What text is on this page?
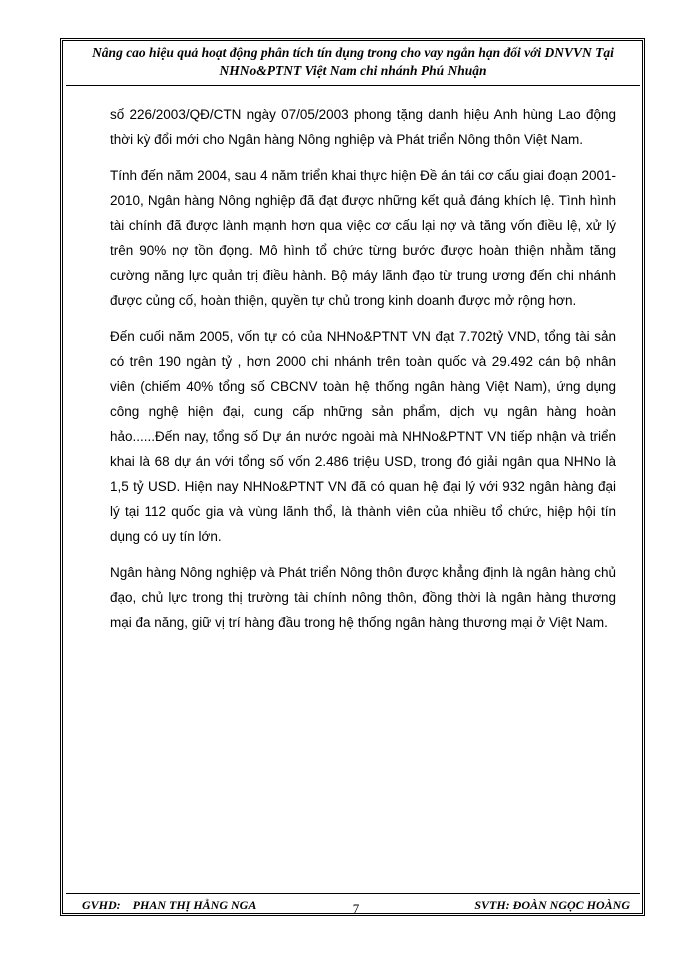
Nâng cao hiệu quả hoạt động phân tích tín dụng trong cho vay ngắn hạn đối với DNVVN Tại
NHNo&PTNT Việt Nam chi nhánh Phú Nhuận

số 226/2003/QĐ/CTN ngày 07/05/2003 phong tặng danh hiệu Anh hùng Lao động thời kỳ đổi mới cho Ngân hàng Nông nghiệp và Phát triển Nông thôn Việt Nam.

Tính đến năm 2004, sau 4 năm triển khai thực hiện Đề án tái cơ cấu giai đoạn 2001-2010, Ngân hàng Nông nghiệp đã đạt được những kết quả đáng khích lệ. Tình hình tài chính đã được lành mạnh hơn qua việc cơ cấu lại nợ và tăng vốn điều lệ, xử lý trên 90% nợ tồn đọng. Mô hình tổ chức từng bước được hoàn thiện nhằm tăng cường năng lực quản trị điều hành. Bộ máy lãnh đạo từ trung ương đến chi nhánh được củng cố, hoàn thiện, quyền tự chủ trong kinh doanh được mở rộng hơn.

Đến cuối năm 2005, vốn tự có của NHNo&PTNT VN đạt 7.702tỷ VND, tổng tài sản có trên 190 ngàn tỷ , hơn 2000 chi nhánh trên toàn quốc và 29.492 cán bộ nhân viên (chiếm 40% tổng số CBCNV toàn hệ thống ngân hàng Việt Nam), ứng dụng công nghệ hiện đại, cung cấp những sản phẩm, dịch vụ ngân hàng hoàn hảo......Đến nay, tổng số Dự án nước ngoài mà NHNo&PTNT VN tiếp nhận và triển khai là 68 dự án với tổng số vốn 2.486 triệu USD, trong đó giải ngân qua NHNo là 1,5 tỷ USD. Hiện nay NHNo&PTNT VN đã có quan hệ đại lý với 932 ngân hàng đại lý tại 112 quốc gia và vùng lãnh thổ, là thành viên của nhiều tổ chức, hiệp hội tín dụng có uy tín lớn.

Ngân hàng Nông nghiệp và Phát triển Nông thôn được khẳng định là ngân hàng chủ đạo, chủ lực trong thị trường tài chính nông thôn, đồng thời là ngân hàng thương mại đa năng, giữ vị trí hàng đầu trong hệ thống ngân hàng thương mại ở Việt Nam.

GVHD:    PHAN THỊ HẰNG NGA	7	SVTH: ĐOÀN NGỌC HOÀNG
